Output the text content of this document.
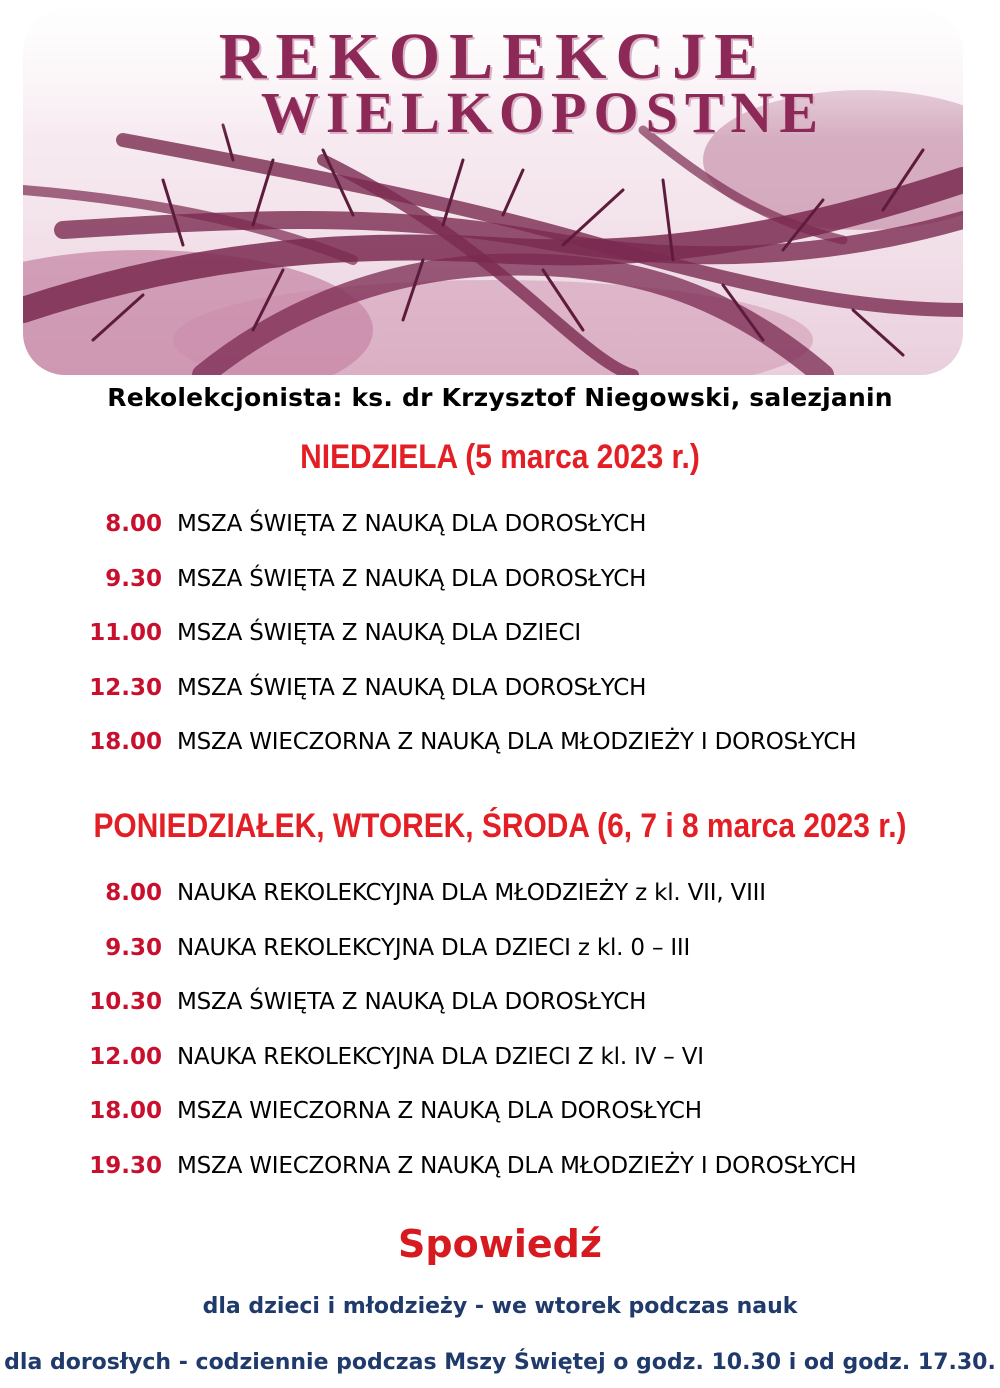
REKOLEKCJE
WIELKOPOSTNE
Rekolekcjonista: ks. dr Krzysztof Niegowski, salezjanin
NIEDZIELA (5 marca 2023 r.)
8.00 MSZA ŚWIĘTA Z NAUKĄ DLA DOROSŁYCH
9.30 MSZA ŚWIĘTA Z NAUKĄ DLA DOROSŁYCH
11.00 MSZA ŚWIĘTA Z NAUKĄ DLA DZIECI
12.30 MSZA ŚWIĘTA Z NAUKĄ DLA DOROSŁYCH
18.00 MSZA WIECZORNA Z NAUKĄ DLA MŁODZIEŻY I DOROSŁYCH
PONIEDZIAŁEK, WTOREK, ŚRODA (6, 7 i 8 marca 2023 r.)
8.00 NAUKA REKOLEKCYJNA DLA MŁODZIEŻY z kl. VII, VIII
9.30 NAUKA REKOLEKCYJNA DLA DZIECI z kl. 0 – III
10.30 MSZA ŚWIĘTA Z NAUKĄ DLA DOROSŁYCH
12.00 NAUKA REKOLEKCYJNA DLA DZIECI Z kl. IV – VI
18.00 MSZA WIECZORNA Z NAUKĄ DLA DOROSŁYCH
19.30 MSZA WIECZORNA Z NAUKĄ DLA MŁODZIEŻY I DOROSŁYCH
Spowiedź
dla dzieci i młodzieży - we wtorek podczas nauk
dla dorosłych - codziennie podczas Mszy Świętej o godz. 10.30 i od godz. 17.30.
